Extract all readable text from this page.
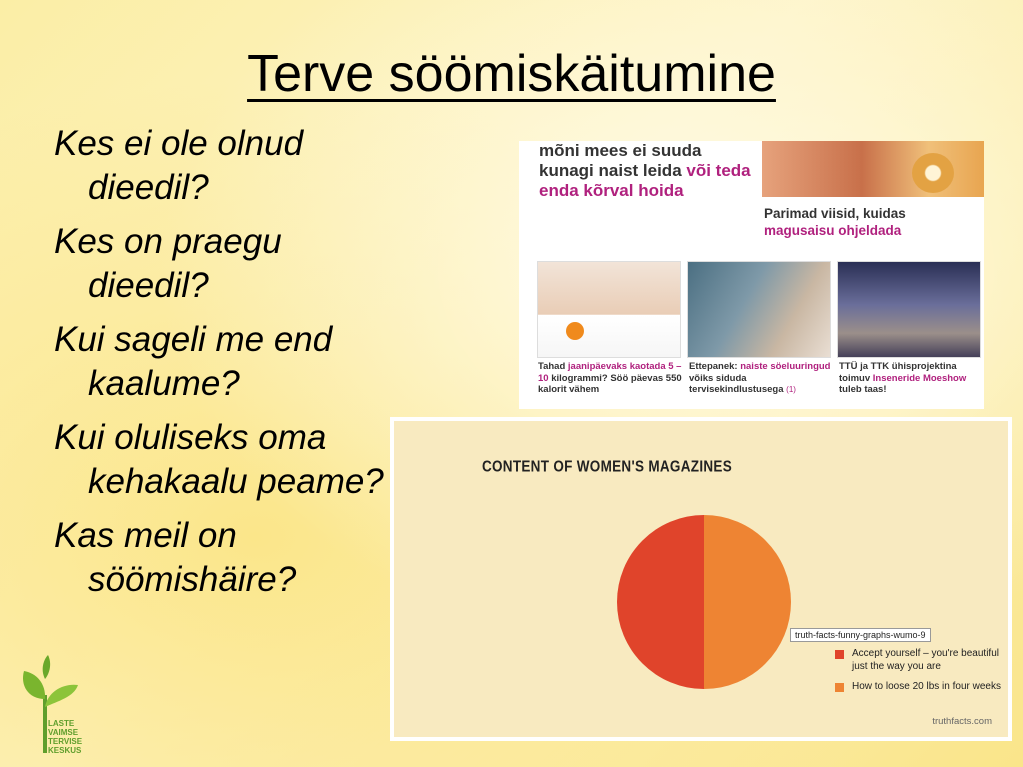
Terve söömiskäitumine
Kes ei ole olnud dieedil?
Kes on praegu dieedil?
Kui sageli me end kaalume?
Kui oluliseks oma kehakaalu peame?
Kas meil on söömishäire?
mõni mees ei suuda kunagi naist leida või teda enda kõrval hoida
Parimad viisid, kuidas
magusaisu ohjeldada
Tahad jaanipäevaks kaotada 5 – 10 kilogrammi? Söö päevas 550 kalorit vähem
Ettepanek: naiste söeluuringud võiks siduda tervisekindlustusega (1)
TTÜ ja TTK ühisprojektina toimuv Inseneride Moeshow tuleb taas!
CONTENT OF WOMEN'S MAGAZINES
truth-facts-funny-graphs-wumo-9
Accept yourself – you're beautiful just the way you are
How to loose 20 lbs in four weeks
truthfacts.com
LASTE
VAIMSE
TERVISE
KESKUS
